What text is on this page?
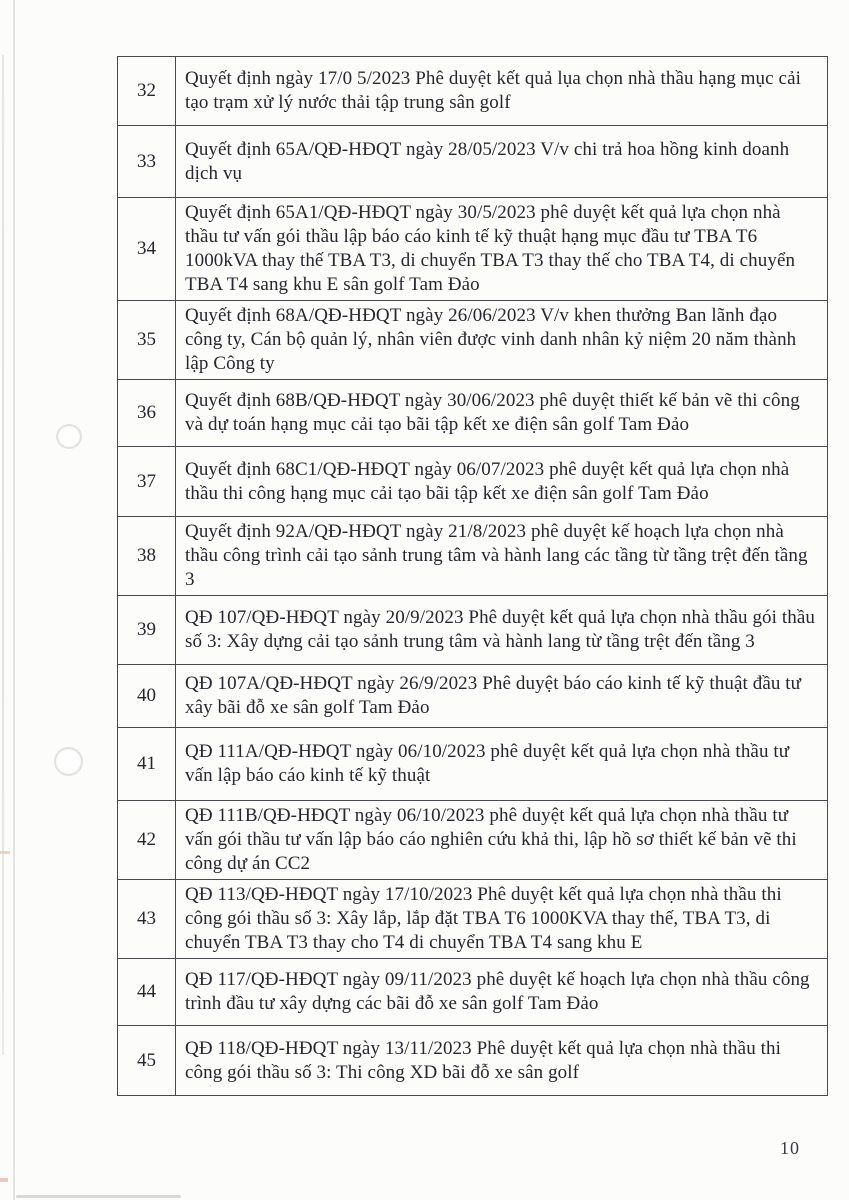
32	Quyết định ngày 17/0 5/2023 Phê duyệt kết quả lụa chọn nhà thầu hạng mục cải tạo trạm xử lý nước thải tập trung sân golf
33	Quyết định 65A/QĐ-HĐQT ngày 28/05/2023 V/v chi trả hoa hồng kinh doanh dịch vụ
34	Quyết định 65A1/QĐ-HĐQT ngày 30/5/2023 phê duyệt kết quả lựa chọn nhà thầu tư vấn gói thầu lập báo cáo kinh tế kỹ thuật hạng mục đầu tư TBA T6 1000kVA thay thế TBA T3, di chuyển TBA T3 thay thế cho TBA T4, di chuyển TBA T4 sang khu E sân golf Tam Đảo
35	Quyết định 68A/QĐ-HĐQT ngày 26/06/2023 V/v khen thưởng Ban lãnh đạo công ty, Cán bộ quản lý, nhân viên được vinh danh nhân kỷ niệm 20 năm thành lập Công ty
36	Quyết định 68B/QĐ-HĐQT ngày 30/06/2023 phê duyệt thiết kế bản vẽ thi công và dự toán hạng mục cải tạo bãi tập kết xe điện sân golf Tam Đảo
37	Quyết định 68C1/QĐ-HĐQT ngày 06/07/2023 phê duyệt kết quả lựa chọn nhà thầu thi công hạng mục cải tạo bãi tập kết xe điện sân golf Tam Đảo
38	Quyết định 92A/QĐ-HĐQT ngày 21/8/2023 phê duyệt kế hoạch lựa chọn nhà thầu công trình cải tạo sảnh trung tâm và hành lang các tầng từ tầng trệt đến tầng 3
39	QĐ 107/QĐ-HĐQT ngày 20/9/2023 Phê duyệt kết quả lựa chọn nhà thầu gói thầu số 3: Xây dựng cải tạo sảnh trung tâm và hành lang từ tầng trệt đến tầng 3
40	QĐ 107A/QĐ-HĐQT ngày 26/9/2023 Phê duyệt báo cáo kinh tế kỹ thuật đầu tư xây bãi đỗ xe sân golf Tam Đảo
41	QĐ 111A/QĐ-HĐQT ngày 06/10/2023 phê duyệt kết quả lựa chọn nhà thầu tư vấn lập báo cáo kinh tế kỹ thuật
42	QĐ 111B/QĐ-HĐQT ngày 06/10/2023 phê duyệt kết quả lựa chọn nhà thầu tư vấn gói thầu tư vấn lập báo cáo nghiên cứu khả thi, lập hồ sơ thiết kế bản vẽ thi công dự án CC2
43	QĐ 113/QĐ-HĐQT ngày 17/10/2023 Phê duyệt kết quả lựa chọn nhà thầu thi công gói thầu số 3: Xây lắp, lắp đặt TBA T6 1000KVA thay thế, TBA T3, di chuyển TBA T3 thay cho T4 di chuyển TBA T4 sang khu E
44	QĐ 117/QĐ-HĐQT ngày 09/11/2023 phê duyệt kế hoạch lựa chọn nhà thầu công trình đầu tư xây dựng các bãi đỗ xe sân golf Tam Đảo
45	QĐ 118/QĐ-HĐQT ngày 13/11/2023 Phê duyệt kết quả lựa chọn nhà thầu thi công gói thầu số 3: Thi công XD bãi đỗ xe sân golf
10
